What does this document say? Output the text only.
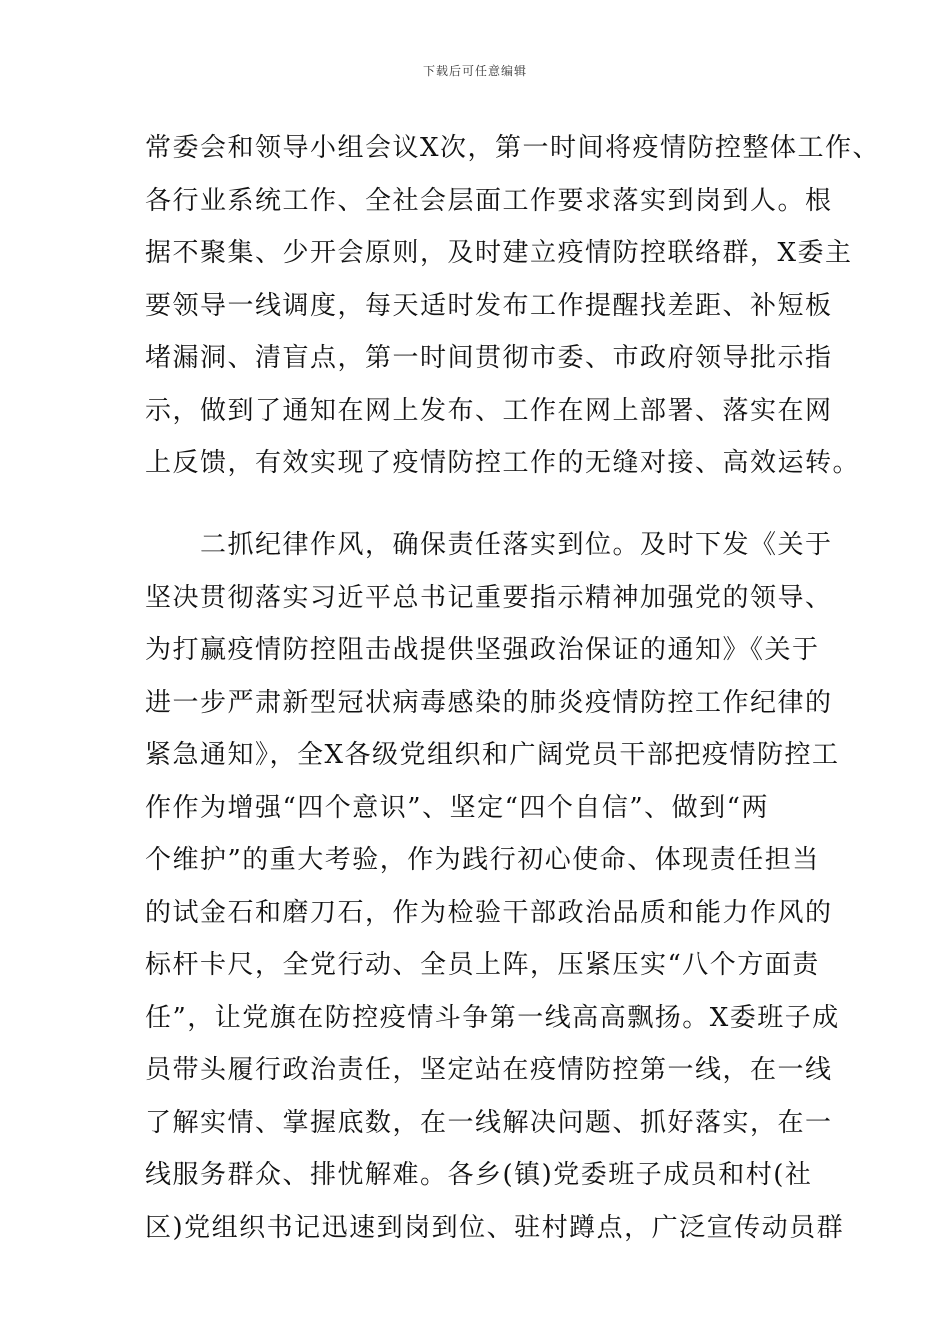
下载后可任意编辑
常委会和领导小组会议X次，第一时间将疫情防控整体工作、
各行业系统工作、全社会层面工作要求落实到岗到人。根
据不聚集、少开会原则，及时建立疫情防控联络群，X委主
要领导一线调度，每天适时发布工作提醒找差距、补短板
堵漏洞、清盲点，第一时间贯彻市委、市政府领导批示指
示，做到了通知在网上发布、工作在网上部署、落实在网
上反馈，有效实现了疫情防控工作的无缝对接、高效运转。
　　二抓纪律作风，确保责任落实到位。及时下发《关于
坚决贯彻落实习近平总书记重要指示精神加强党的领导、
为打赢疫情防控阻击战提供坚强政治保证的通知》《关于
进一步严肃新型冠状病毒感染的肺炎疫情防控工作纪律的
紧急通知》，全X各级党组织和广阔党员干部把疫情防控工
作作为增强“四个意识”、坚定“四个自信”、做到“两
个维护”的重大考验，作为践行初心使命、体现责任担当
的试金石和磨刀石，作为检验干部政治品质和能力作风的
标杆卡尺，全党行动、全员上阵，压紧压实“八个方面责
任”，让党旗在防控疫情斗争第一线高高飘扬。X委班子成
员带头履行政治责任，坚定站在疫情防控第一线，在一线
了解实情、掌握底数，在一线解决问题、抓好落实，在一
线服务群众、排忧解难。各乡(镇)党委班子成员和村(社
区)党组织书记迅速到岗到位、驻村蹲点，广泛宣传动员群
